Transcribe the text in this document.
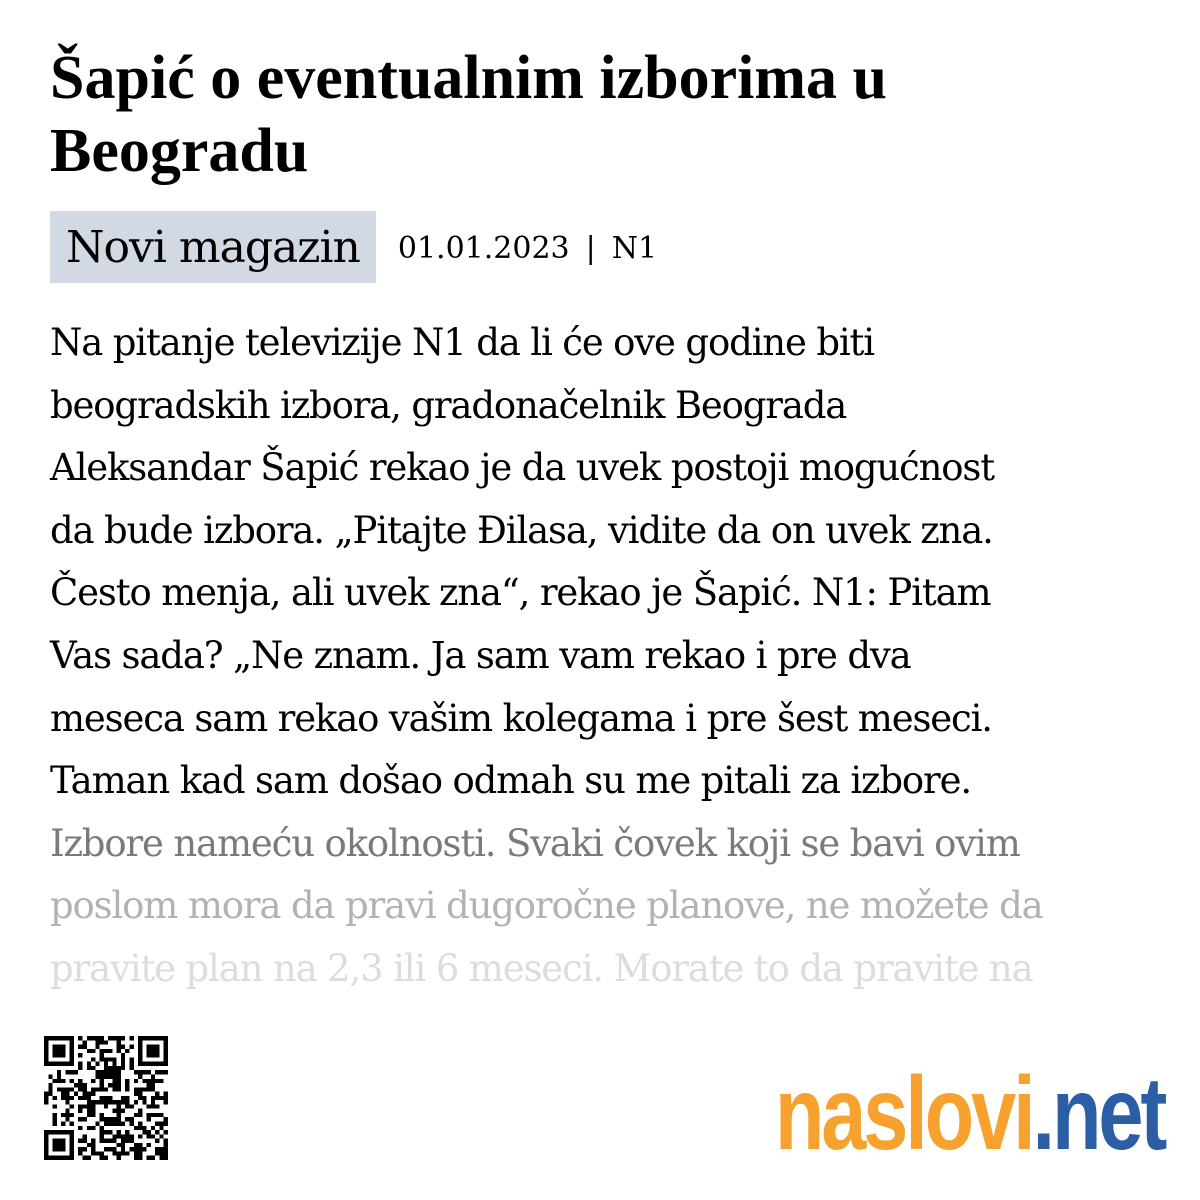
Šapić o eventualnim izborima u Beogradu
Novi magazin	01.01.2023 | N1
Na pitanje televizije N1 da li će ove godine biti
beogradskih izbora, gradonačelnik Beograda
Aleksandar Šapić rekao je da uvek postoji mogućnost
da bude izbora. „Pitajte Đilasa, vidite da on uvek zna.
Često menja, ali uvek zna“, rekao je Šapić. N1: Pitam
Vas sada? „Ne znam. Ja sam vam rekao i pre dva
meseca sam rekao vašim kolegama i pre šest meseci.
Taman kad sam došao odmah su me pitali za izbore.
Izbore nameću okolnosti. Svaki čovek koji se bavi ovim
poslom mora da pravi dugoročne planove, ne možete da
pravite plan na 2,3 ili 6 meseci. Morate to da pravite na
naslovi .net
